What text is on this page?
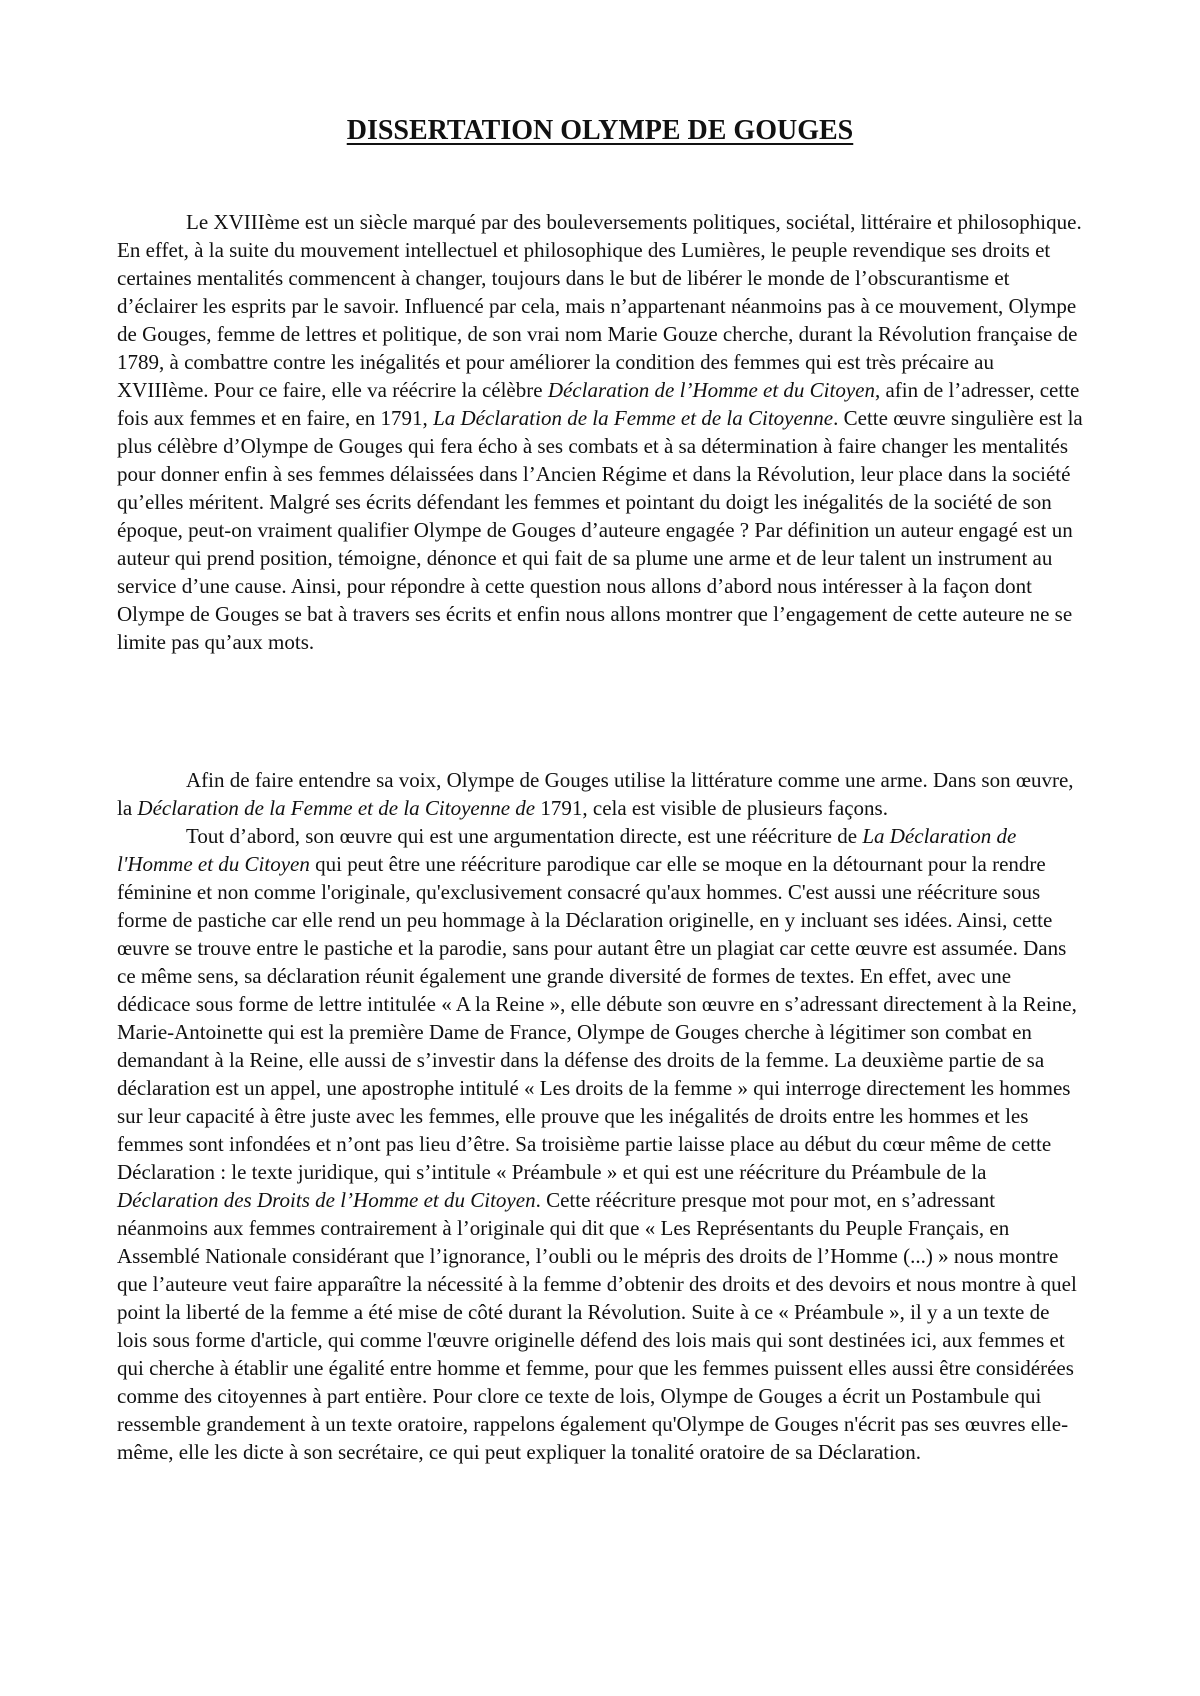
DISSERTATION OLYMPE DE GOUGES

Le XVIIIème est un siècle marqué par des bouleversements politiques, sociétal, littéraire et philosophique. En effet, à la suite du mouvement intellectuel et philosophique des Lumières, le peuple revendique ses droits et certaines mentalités commencent à changer, toujours dans le but de libérer le monde de l’obscurantisme et d’éclairer les esprits par le savoir. Influencé par cela, mais n’appartenant néanmoins pas à ce mouvement, Olympe de Gouges, femme de lettres et politique, de son vrai nom Marie Gouze cherche, durant la Révolution française de 1789, à combattre contre les inégalités et pour améliorer la condition des femmes qui est très précaire au XVIIIème. Pour ce faire, elle va réécrire la célèbre Déclaration de l’Homme et du Citoyen, afin de l’adresser, cette fois aux femmes et en faire, en 1791, La Déclaration de la Femme et de la Citoyenne. Cette œuvre singulière est la plus célèbre d’Olympe de Gouges qui fera écho à ses combats et à sa détermination à faire changer les mentalités pour donner enfin à ses femmes délaissées dans l’Ancien Régime et dans la Révolution, leur place dans la société qu’elles méritent. Malgré ses écrits défendant les femmes et pointant du doigt les inégalités de la société de son époque, peut-on vraiment qualifier Olympe de Gouges d’auteure engagée ? Par définition un auteur engagé est un auteur qui prend position, témoigne, dénonce et qui fait de sa plume une arme et de leur talent un instrument au service d’une cause. Ainsi, pour répondre à cette question nous allons d’abord nous intéresser à la façon dont Olympe de Gouges se bat à travers ses écrits et enfin nous allons montrer que l’engagement de cette auteure ne se limite pas qu’aux mots.

Afin de faire entendre sa voix, Olympe de Gouges utilise la littérature comme une arme. Dans son œuvre, la Déclaration de la Femme et de la Citoyenne de 1791, cela est visible de plusieurs façons.

Tout d’abord, son œuvre qui est une argumentation directe, est une réécriture de La Déclaration de l'Homme et du Citoyen qui peut être une réécriture parodique car elle se moque en la détournant pour la rendre féminine et non comme l'originale, qu'exclusivement consacré qu'aux hommes. C'est aussi une réécriture sous forme de pastiche car elle rend un peu hommage à la Déclaration originelle, en y incluant ses idées. Ainsi, cette œuvre se trouve entre le pastiche et la parodie, sans pour autant être un plagiat car cette œuvre est assumée. Dans ce même sens, sa déclaration réunit également une grande diversité de formes de textes. En effet, avec une dédicace sous forme de lettre intitulée « A la Reine », elle débute son œuvre en s’adressant directement à la Reine, Marie-Antoinette qui est la première Dame de France, Olympe de Gouges cherche à légitimer son combat en demandant à la Reine, elle aussi de s’investir dans la défense des droits de la femme. La deuxième partie de sa déclaration est un appel, une apostrophe intitulé « Les droits de la femme » qui interroge directement les hommes sur leur capacité à être juste avec les femmes, elle prouve que les inégalités de droits entre les hommes et les femmes sont infondées et n’ont pas lieu d’être. Sa troisième partie laisse place au début du cœur même de cette Déclaration : le texte juridique, qui s’intitule « Préambule » et qui est une réécriture du Préambule de la Déclaration des Droits de l’Homme et du Citoyen. Cette réécriture presque mot pour mot, en s’adressant néanmoins aux femmes contrairement à l’originale qui dit que « Les Représentants du Peuple Français, en Assemblé Nationale considérant que l’ignorance, l’oubli ou le mépris des droits de l’Homme (...) » nous montre que l’auteure veut faire apparaître la nécessité à la femme d’obtenir des droits et des devoirs et nous montre à quel point la liberté de la femme a été mise de côté durant la Révolution. Suite à ce « Préambule », il y a un texte de lois sous forme d'article, qui comme l'œuvre originelle défend des lois mais qui sont destinées ici, aux femmes et qui cherche à établir une égalité entre homme et femme, pour que les femmes puissent elles aussi être considérées comme des citoyennes à part entière. Pour clore ce texte de lois, Olympe de Gouges a écrit un Postambule qui ressemble grandement à un texte oratoire, rappelons également qu'Olympe de Gouges n'écrit pas ses œuvres elle-même, elle les dicte à son secrétaire, ce qui peut expliquer la tonalité oratoire de sa Déclaration.
